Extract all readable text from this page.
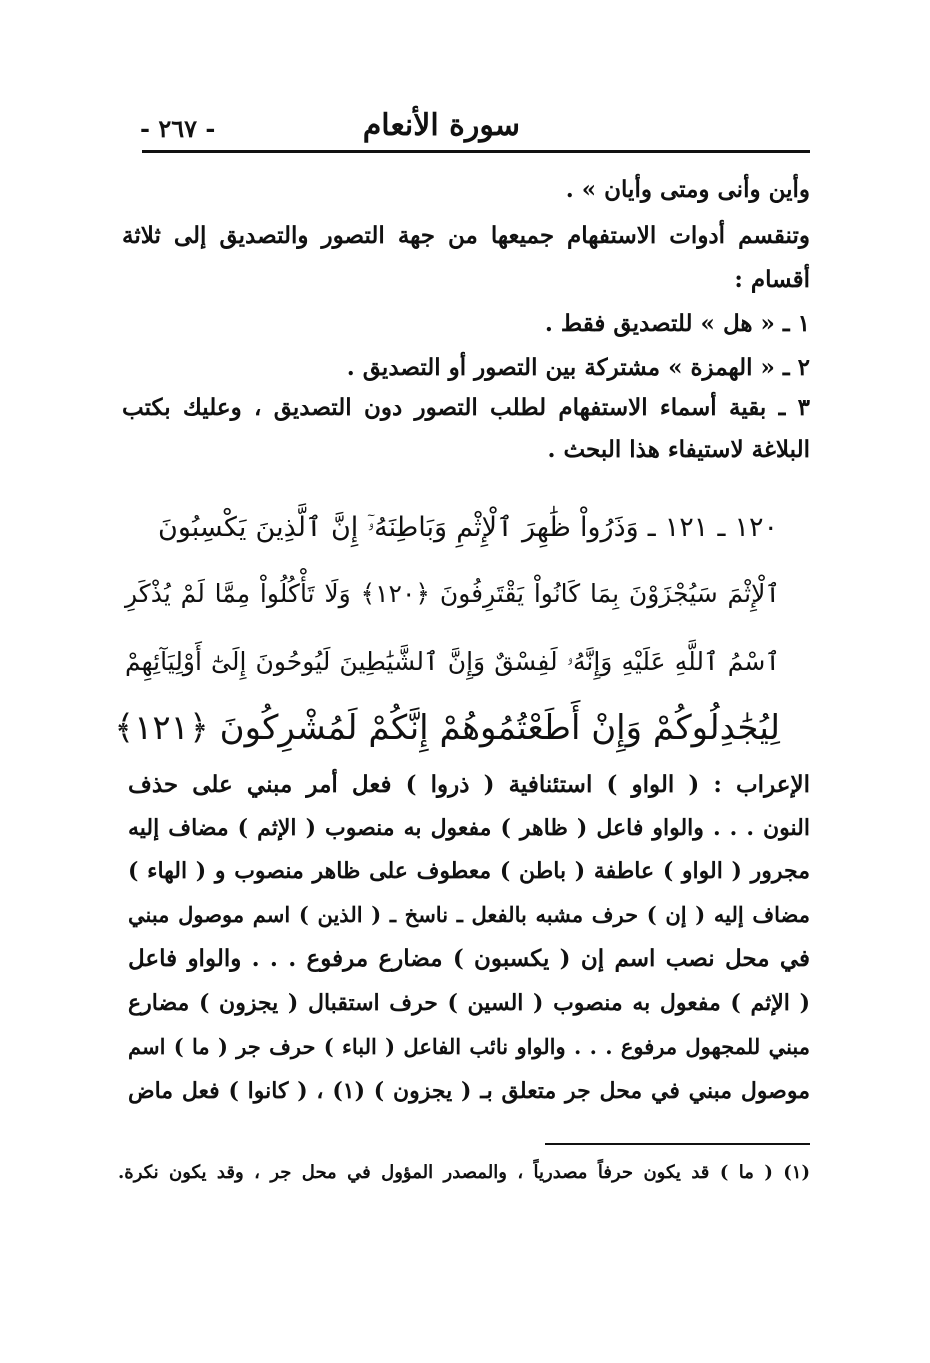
- ٢٦٧ -	سورة الأنعام
وأين وأنى ومتى وأيان » .
وتنقسم أدوات الاستفهام جميعها من جهة التصور والتصديق إلى ثلاثة
أقسام :
١ ـ « هل » للتصديق فقط .
٢ ـ « الهمزة » مشتركة بين التصور أو التصديق .
٣ ـ بقية أسماء الاستفهام لطلب التصور دون التصديق ، وعليك بكتب
البلاغة لاستيفاء هذا البحث .
١٢٠ ـ ١٢١ ـ وَذَرُواْ ظَٰهِرَ ٱلْإِثْمِ وَبَاطِنَهُۥٓ إِنَّ ٱلَّذِينَ يَكْسِبُونَ
ٱلْإِثْمَ سَيُجْزَوْنَ بِمَا كَانُواْ يَقْتَرِفُونَ ﴿١٢٠﴾ وَلَا تَأْكُلُواْ مِمَّا لَمْ يُذْكَرِ
ٱسْمُ ٱللَّهِ عَلَيْهِ وَإِنَّهُۥ لَفِسْقٌ وَإِنَّ ٱلشَّيَٰطِينَ لَيُوحُونَ إِلَىٰٓ أَوْلِيَآئِهِمْ
لِيُجَٰدِلُوكُمْ وَإِنْ أَطَعْتُمُوهُمْ إِنَّكُمْ لَمُشْرِكُونَ ﴿١٢١﴾
الإعراب : ( الواو ) استئنافية ( ذروا ) فعل أمر مبني على حذف
النون . . . والواو فاعل ( ظاهر ) مفعول به منصوب ( الإثم ) مضاف إليه
مجرور ( الواو ) عاطفة ( باطن ) معطوف على ظاهر منصوب و ( الهاء )
مضاف إليه ( إن ) حرف مشبه بالفعل ـ ناسخ ـ ( الذين ) اسم موصول مبني
في محل نصب اسم إن ( يكسبون ) مضارع مرفوع . . . والواو فاعل
( الإثم ) مفعول به منصوب ( السين ) حرف استقبال ( يجزون ) مضارع
مبني للمجهول مرفوع . . . والواو نائب الفاعل ( الباء ) حرف جر ( ما ) اسم
موصول مبني في محل جر متعلق بـ ( يجزون ) (١) ، ( كانوا ) فعل ماض
(١) ( ما ) قد يكون حرفاً مصدرياً ، والمصدر المؤول في محل جر ، وقد يكون نكرة.
